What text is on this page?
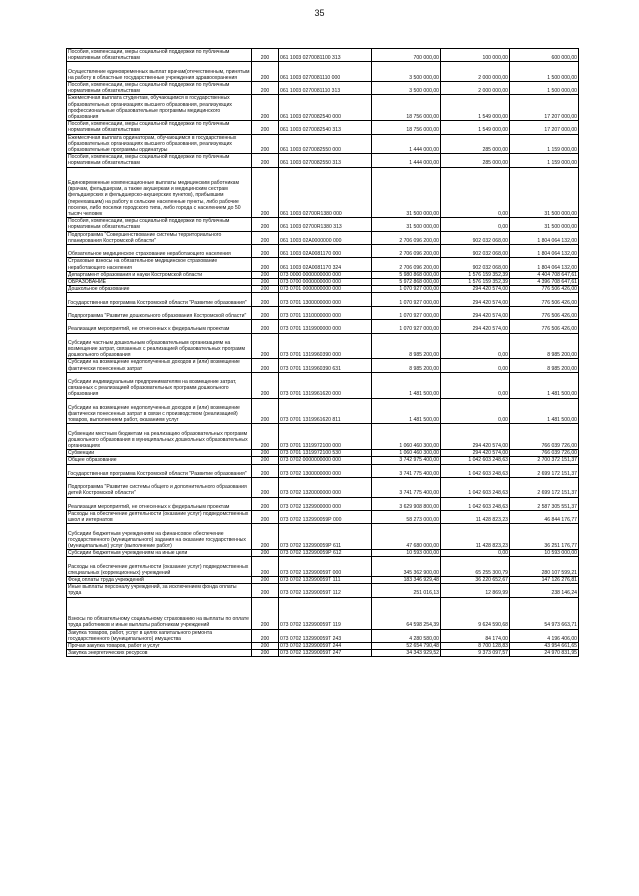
35
Пособия, компенсации, меры социальной поддержки по публичным нормативным обязательствам	200	061 1003 0270081100 313	700 000,00	100 000,00	600 000,00
Осуществление единовременных выплат врачам(отечественным, принятым на работу в областные государственные учреждения здравоохранения	200	061 1003 0270081110 000	3 500 000,00	2 000 000,00	1 500 000,00
Пособия, компенсации, меры социальной поддержки по публичным нормативным обязательствам	200	061 1003 0270081110 313	3 500 000,00	2 000 000,00	1 500 000,00
Ежемесячная выплата студентам, обучающимся в государственных образовательных организациях высшего образования, реализующих профессиональные образовательные программы медицинского образования	200	061 1003 0270082540 000	18 756 000,00	1 549 000,00	17 207 000,00
Пособия, компенсации, меры социальной поддержки по публичным нормативным обязательствам	200	061 1003 0270082540 313	18 756 000,00	1 549 000,00	17 207 000,00
Ежемесячная выплата ординаторам, обучающимся в государственных образовательных организациях высшего образования, реализующих образовательные программы ординатуры	200	061 1003 0270082550 000	1 444 000,00	285 000,00	1 159 000,00
Пособия, компенсации, меры социальной поддержки по публичным нормативным обязательствам	200	061 1003 0270082550 313	1 444 000,00	285 000,00	1 159 000,00
Единовременные компенсационные выплаты медицинским работникам (врачам, фельдшерам, а также акушеркам и медицинским сестрам фельдшерских и фельдшерско-акушерских пунктов), прибывшим (переехавшим) на работу в сельские населенные пункты, либо рабочие поселки, либо поселки городского типа, либо города с населением до 50 тысяч человек	200	061 1003 02700R1380 000	31 500 000,00	0,00	31 500 000,00
Пособия, компенсации, меры социальной поддержки по публичным нормативным обязательствам	200	061 1003 02700R1380 313	31 500 000,00	0,00	31 500 000,00
Подпрограмма "Совершенствование системы территориального планирования Костромской области"	200	061 1003 02А0000000 000	2 706 096 200,00	902 032 068,00	1 804 064 132,00
Обязательное медицинское страхование неработающего населения	200	061 1003 02А0081170 000	2 706 096 200,00	902 032 068,00	1 804 064 132,00
Страховые взносы на обязательное медицинское страхование неработающего населения	200	061 1003 02А0081170 324	2 706 096 200,00	902 032 068,00	1 804 064 132,00
Департамент образования и науки Костромской области	200	073 0000 0000000000 000	5 980 868 000,00	1 576 159 352,39	4 404 708 647,61
ОБРАЗОВАНИЕ	200	073 0700 0000000000 000	5 972 868 000,00	1 576 159 352,39	4 396 708 647,61
Дошкольное образование	200	073 0701 0000000000 000	1 070 927 000,00	294 420 574,00	776 506 426,00
Государственная программа Костромской области "Развитие образования"	200	073 0701 1300000000 000	1 070 927 000,00	294 420 574,00	776 506 426,00
Подпрограмма "Развитие дошкольного образования Костромской области"	200	073 0701 1310000000 000	1 070 927 000,00	294 420 574,00	776 506 426,00
Реализация мероприятий, не отнесенных к федеральным проектам	200	073 0701 1319900000 000	1 070 927 000,00	294 420 574,00	776 506 426,00
Субсидии частным дошкольным образовательным организациям на возмещение затрат, связанных с реализацией образовательных программ дошкольного образования	200	073 0701 1319960390 000	8 985 200,00	0,00	8 985 200,00
Субсидии на возмещение недополученных доходов и (или) возмещение фактически понесенных затрат	200	073 0701 1319960390 631	8 985 200,00	0,00	8 985 200,00
Субсидии индивидуальным предпринимателям на возмещение затрат, связанных с реализацией образовательных программ дошкольного образования	200	073 0701 1319961620 000	1 481 500,00	0,00	1 481 500,00
Субсидии на возмещение недополученных доходов и (или) возмещение фактически понесенных затрат в связи с производством (реализацией) товаров, выполнением работ, оказанием услуг	200	073 0701 1319961620 811	1 481 500,00	0,00	1 481 500,00
Субвенции местным бюджетам на реализацию образовательных программ дошкольного образования в муниципальных дошкольных образовательных организациях	200	073 0701 1319972100 000	1 060 460 300,00	294 420 574,00	766 039 726,00
Субвенции	200	073 0701 1319972100 530	1 060 460 300,00	294 420 574,00	766 039 726,00
Общее образование	200	073 0702 0000000000 000	3 742 975 400,00	1 042 603 248,63	2 700 372 151,37
Государственная программа Костромской области "Развитие образования"	200	073 0702 1300000000 000	3 741 775 400,00	1 042 603 248,63	2 699 172 151,37
Подпрограмма "Развитие системы общего и дополнительного образования детей Костромской области"	200	073 0702 1320000000 000	3 741 775 400,00	1 042 603 248,63	2 699 172 151,37
Реализация мероприятий, не отнесенных к федеральным проектам	200	073 0702 1329900000 000	3 629 908 800,00	1 042 603 248,63	2 587 305 551,37
Расходы на обеспечение деятельности (оказание услуг) подведомственных школ и интернатов	200	073 0702 132990059Р 000	58 273 000,00	11 428 823,23	46 844 176,77
Субсидии бюджетным учреждениям на финансовое обеспечение государственного (муниципального) задания на оказание государственных (муниципальных) услуг (выполнение работ)	200	073 0702 132990059Р 611	47 680 000,00	11 428 823,23	36 251 176,77
Субсидии бюджетным учреждениям на иные цели	200	073 0702 132990059Р 612	10 593 000,00	0,00	10 593 000,00
Расходы на обеспечение деятельности (оказание услуг) подведомственных специальных (коррекционных) учреждений	200	073 0702 132990059Т 000	345 362 900,00	65 255 300,79	280 107 599,21
Фонд оплаты труда учреждений	200	073 0702 132990059Т 111	183 346 929,48	36 220 652,67	147 126 276,81
Иные выплаты персоналу учреждений, за исключением фонда оплаты труда	200	073 0702 132990059Т 112	251 016,13	12 869,99	238 146,24
Взносы по обязательному социальному страхованию на выплаты по оплате труда работников и иные выплаты работникам учреждений	200	073 0702 132990059Т 119	64 598 254,39	9 624 590,68	54 973 663,71
Закупка товаров, работ, услуг в целях капитального ремонта государственного (муниципального) имущества	200	073 0702 132990059Т 243	4 280 580,00	84 174,00	4 196 406,00
Прочая закупка товаров, работ и услуг	200	073 0702 132990059Т 244	52 654 790,48	8 700 128,83	43 954 661,65
Закупка энергетических ресурсов	200	073 0702 132990059Т 247	34 343 929,52	9 373 097,57	24 970 831,95
